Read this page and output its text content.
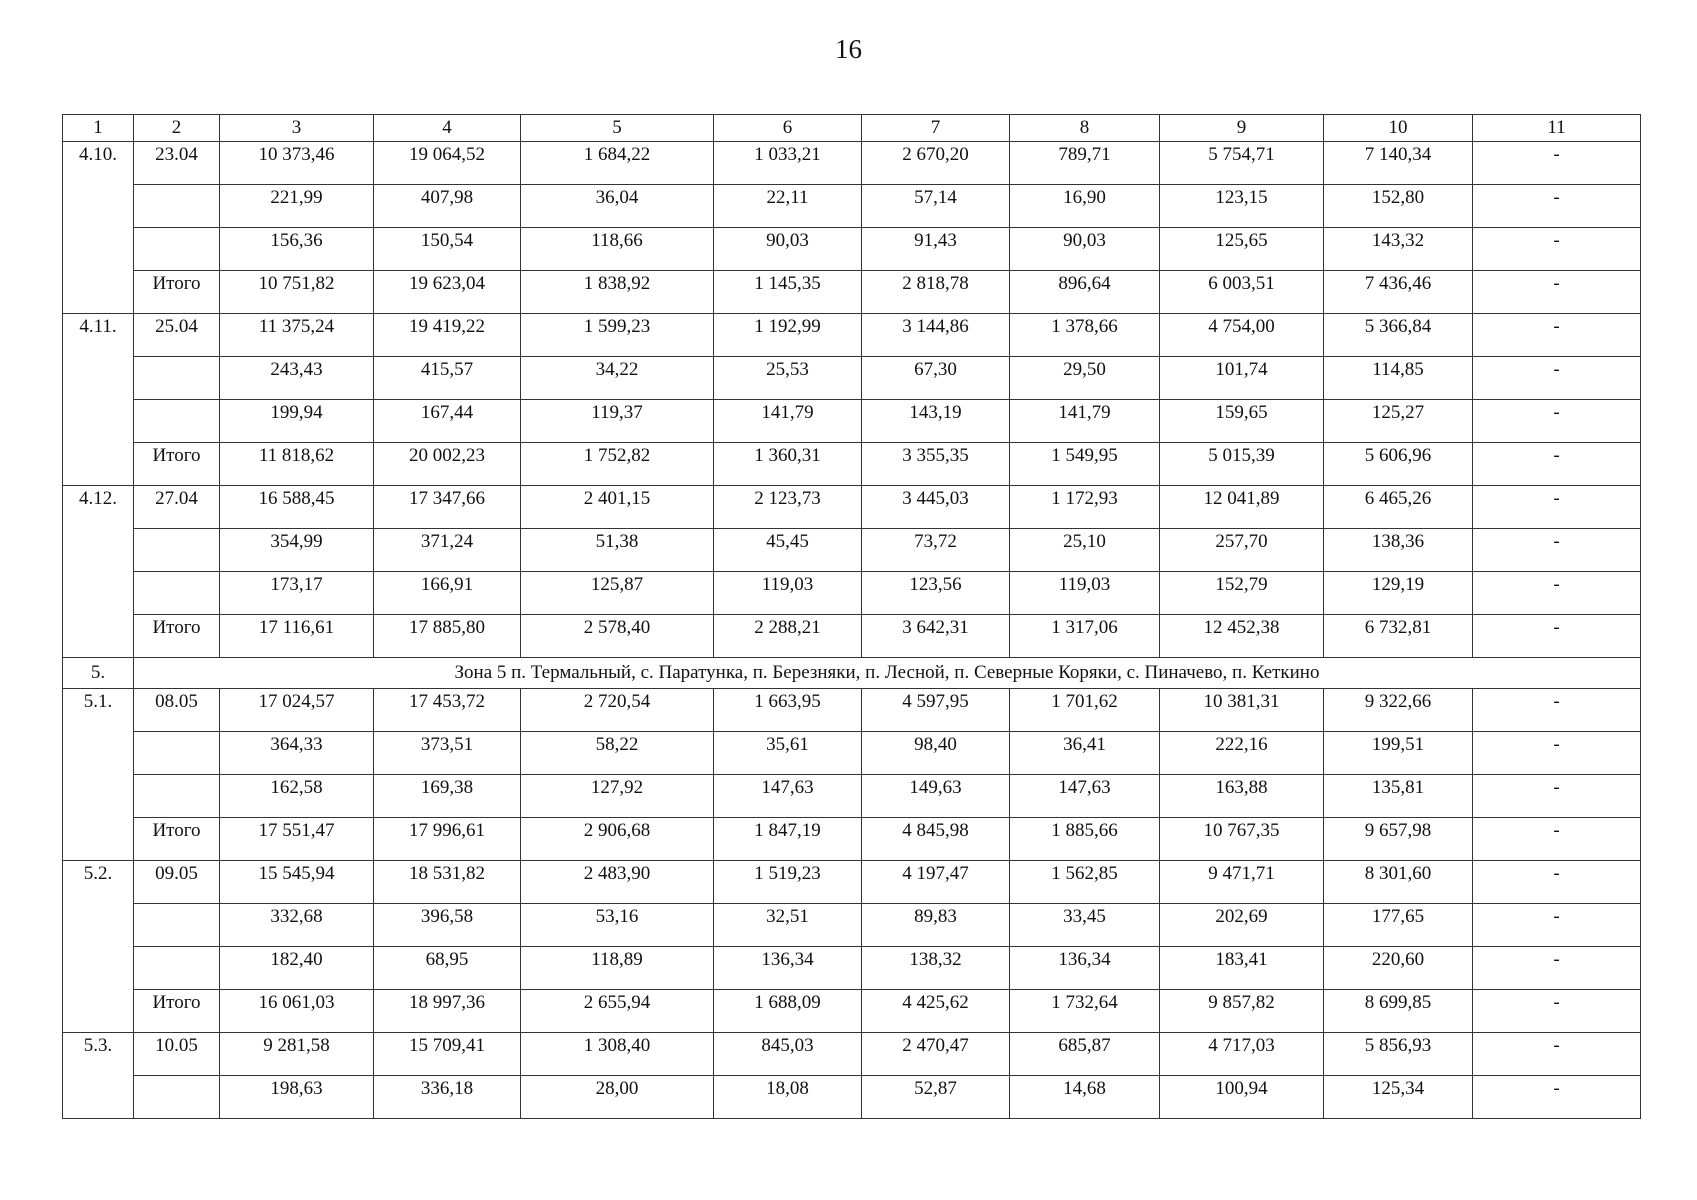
16
1	2	3	4	5	6	7	8	9	10	11
4.10.	23.04	10 373,46	19 064,52	1 684,22	1 033,21	2 670,20	789,71	5 754,71	7 140,34	-
		221,99	407,98	36,04	22,11	57,14	16,90	123,15	152,80	-
		156,36	150,54	118,66	90,03	91,43	90,03	125,65	143,32	-
	Итого	10 751,82	19 623,04	1 838,92	1 145,35	2 818,78	896,64	6 003,51	7 436,46	-
4.11.	25.04	11 375,24	19 419,22	1 599,23	1 192,99	3 144,86	1 378,66	4 754,00	5 366,84	-
		243,43	415,57	34,22	25,53	67,30	29,50	101,74	114,85	-
		199,94	167,44	119,37	141,79	143,19	141,79	159,65	125,27	-
	Итого	11 818,62	20 002,23	1 752,82	1 360,31	3 355,35	1 549,95	5 015,39	5 606,96	-
4.12.	27.04	16 588,45	17 347,66	2 401,15	2 123,73	3 445,03	1 172,93	12 041,89	6 465,26	-
		354,99	371,24	51,38	45,45	73,72	25,10	257,70	138,36	-
		173,17	166,91	125,87	119,03	123,56	119,03	152,79	129,19	-
	Итого	17 116,61	17 885,80	2 578,40	2 288,21	3 642,31	1 317,06	12 452,38	6 732,81	-
5.	Зона 5 п. Термальный, с. Паратунка, п. Березняки, п. Лесной, п. Северные Коряки, с. Пиначево, п. Кеткино									
5.1.	08.05	17 024,57	17 453,72	2 720,54	1 663,95	4 597,95	1 701,62	10 381,31	9 322,66	-
		364,33	373,51	58,22	35,61	98,40	36,41	222,16	199,51	-
		162,58	169,38	127,92	147,63	149,63	147,63	163,88	135,81	-
	Итого	17 551,47	17 996,61	2 906,68	1 847,19	4 845,98	1 885,66	10 767,35	9 657,98	-
5.2.	09.05	15 545,94	18 531,82	2 483,90	1 519,23	4 197,47	1 562,85	9 471,71	8 301,60	-
		332,68	396,58	53,16	32,51	89,83	33,45	202,69	177,65	-
		182,40	68,95	118,89	136,34	138,32	136,34	183,41	220,60	-
	Итого	16 061,03	18 997,36	2 655,94	1 688,09	4 425,62	1 732,64	9 857,82	8 699,85	-
5.3.	10.05	9 281,58	15 709,41	1 308,40	845,03	2 470,47	685,87	4 717,03	5 856,93	-
		198,63	336,18	28,00	18,08	52,87	14,68	100,94	125,34	-
